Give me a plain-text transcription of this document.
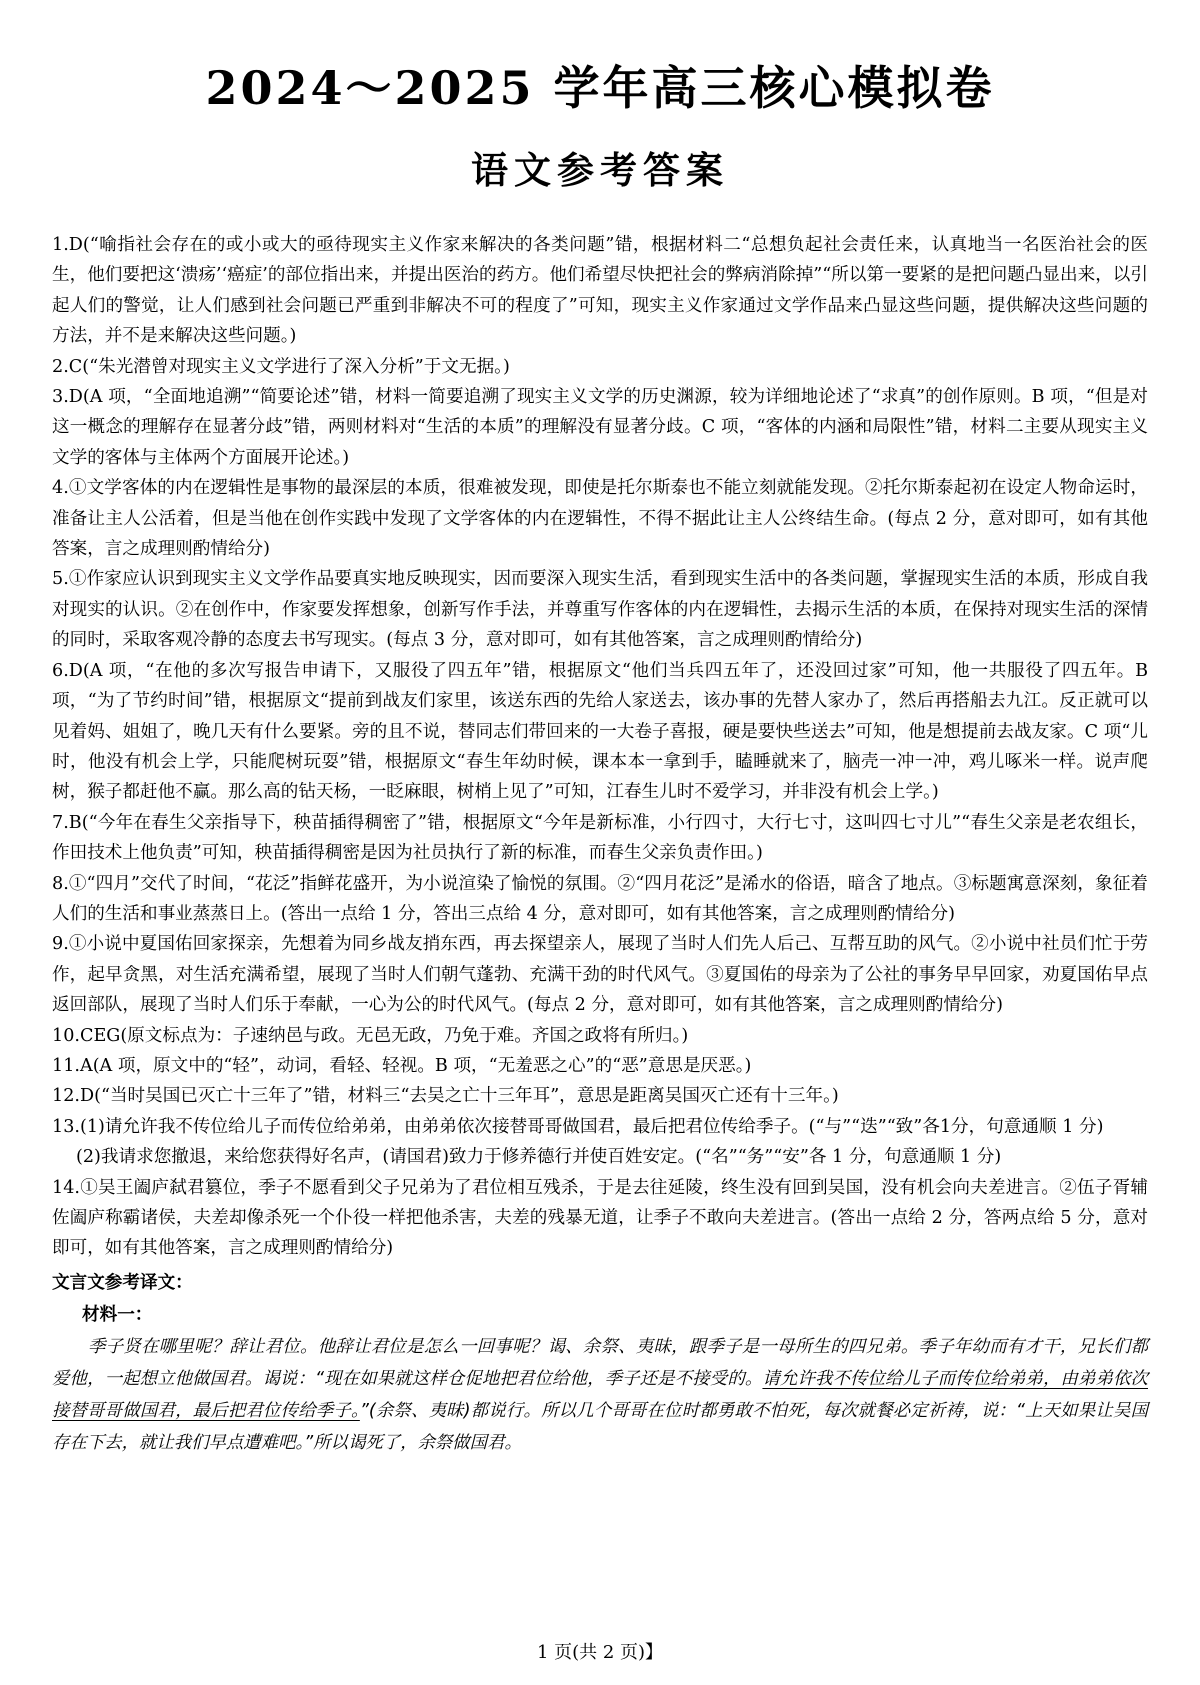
2024～2025 学年高三核心模拟卷
语文参考答案

1.D(“喻指社会存在的或小或大的亟待现实主义作家来解决的各类问题”错，根据材料二“总想负起社会责任来，认真地当一名医治社会的医生，他们要把这‘溃疡’‘癌症’的部位指出来，并提出医治的药方。他们希望尽快把社会的弊病消除掉”“所以第一要紧的是把问题凸显出来，以引起人们的警觉，让人们感到社会问题已严重到非解决不可的程度了”可知，现实主义作家通过文学作品来凸显这些问题，提供解决这些问题的方法，并不是来解决这些问题。)

2.C(“朱光潜曾对现实主义文学进行了深入分析”于文无据。)

3.D(A 项，“全面地追溯”“简要论述”错，材料一简要追溯了现实主义文学的历史渊源，较为详细地论述了“求真”的创作原则。B 项，“但是对这一概念的理解存在显著分歧”错，两则材料对“生活的本质”的理解没有显著分歧。C 项，“客体的内涵和局限性”错，材料二主要从现实主义文学的客体与主体两个方面展开论述。)

4.①文学客体的内在逻辑性是事物的最深层的本质，很难被发现，即使是托尔斯泰也不能立刻就能发现。②托尔斯泰起初在设定人物命运时，准备让主人公活着，但是当他在创作实践中发现了文学客体的内在逻辑性，不得不据此让主人公终结生命。(每点 2 分，意对即可，如有其他答案，言之成理则酌情给分)

5.①作家应认识到现实主义文学作品要真实地反映现实，因而要深入现实生活，看到现实生活中的各类问题，掌握现实生活的本质，形成自我对现实的认识。②在创作中，作家要发挥想象，创新写作手法，并尊重写作客体的内在逻辑性，去揭示生活的本质，在保持对现实生活的深情的同时，采取客观冷静的态度去书写现实。(每点 3 分，意对即可，如有其他答案，言之成理则酌情给分)

6.D(A 项，“在他的多次写报告申请下，又服役了四五年”错，根据原文“他们当兵四五年了，还没回过家”可知，他一共服役了四五年。B 项，“为了节约时间”错，根据原文“提前到战友们家里，该送东西的先给人家送去，该办事的先替人家办了，然后再搭船去九江。反正就可以见着妈、姐姐了，晚几天有什么要紧。旁的且不说，替同志们带回来的一大卷子喜报，硬是要快些送去”可知，他是想提前去战友家。C 项“儿时，他没有机会上学，只能爬树玩耍”错，根据原文“春生年幼时候，课本本一拿到手，瞌睡就来了，脑壳一冲一冲，鸡儿啄米一样。说声爬树，猴子都赶他不赢。那么高的钻天杨，一眨麻眼，树梢上见了”可知，江春生儿时不爱学习，并非没有机会上学。)

7.B(“今年在春生父亲指导下，秧苗插得稠密了”错，根据原文“今年是新标准，小行四寸，大行七寸，这叫四七寸儿”“春生父亲是老农组长，作田技术上他负责”可知，秧苗插得稠密是因为社员执行了新的标准，而春生父亲负责作田。)

8.①“四月”交代了时间，“花泛”指鲜花盛开，为小说渲染了愉悦的氛围。②“四月花泛”是浠水的俗语，暗含了地点。③标题寓意深刻，象征着人们的生活和事业蒸蒸日上。(答出一点给 1 分，答出三点给 4 分，意对即可，如有其他答案，言之成理则酌情给分)

9.①小说中夏国佑回家探亲，先想着为同乡战友捎东西，再去探望亲人，展现了当时人们先人后己、互帮互助的风气。②小说中社员们忙于劳作，起早贪黑，对生活充满希望，展现了当时人们朝气蓬勃、充满干劲的时代风气。③夏国佑的母亲为了公社的事务早早回家，劝夏国佑早点返回部队，展现了当时人们乐于奉献，一心为公的时代风气。(每点 2 分，意对即可，如有其他答案，言之成理则酌情给分)

10.CEG(原文标点为：子速纳邑与政。无邑无政，乃免于难。齐国之政将有所归。)

11.A(A 项，原文中的“轻”，动词，看轻、轻视。B 项，“无羞恶之心”的“恶”意思是厌恶。)

12.D(“当时吴国已灭亡十三年了”错，材料三“去吴之亡十三年耳”，意思是距离吴国灭亡还有十三年。)

13.(1)请允许我不传位给儿子而传位给弟弟，由弟弟依次接替哥哥做国君，最后把君位传给季子。(“与”“迭”“致”各1分，句意通顺 1 分)

(2)我请求您撤退，来给您获得好名声，(请国君)致力于修养德行并使百姓安定。(“名”“务”“安”各 1 分，句意通顺 1 分)

14.①吴王阖庐弑君篡位，季子不愿看到父子兄弟为了君位相互残杀，于是去往延陵，终生没有回到吴国，没有机会向夫差进言。②伍子胥辅佐阖庐称霸诸侯，夫差却像杀死一个仆役一样把他杀害，夫差的残暴无道，让季子不敢向夫差进言。(答出一点给 2 分，答两点给 5 分，意对即可，如有其他答案，言之成理则酌情给分)

文言文参考译文：

材料一：

季子贤在哪里呢？辞让君位。他辞让君位是怎么一回事呢？谒、余祭、夷昧，跟季子是一母所生的四兄弟。季子年幼而有才干，兄长们都爱他，一起想立他做国君。谒说：“现在如果就这样仓促地把君位给他，季子还是不接受的。请允许我不传位给儿子而传位给弟弟，由弟弟依次接替哥哥做国君，最后把君位传给季子。”(余祭、夷昧)都说行。所以几个哥哥在位时都勇敢不怕死，每次就餐必定祈祷，说：“上天如果让吴国存在下去，就让我们早点遭难吧。”所以谒死了，余祭做国君。

1 页(共 2 页)】
